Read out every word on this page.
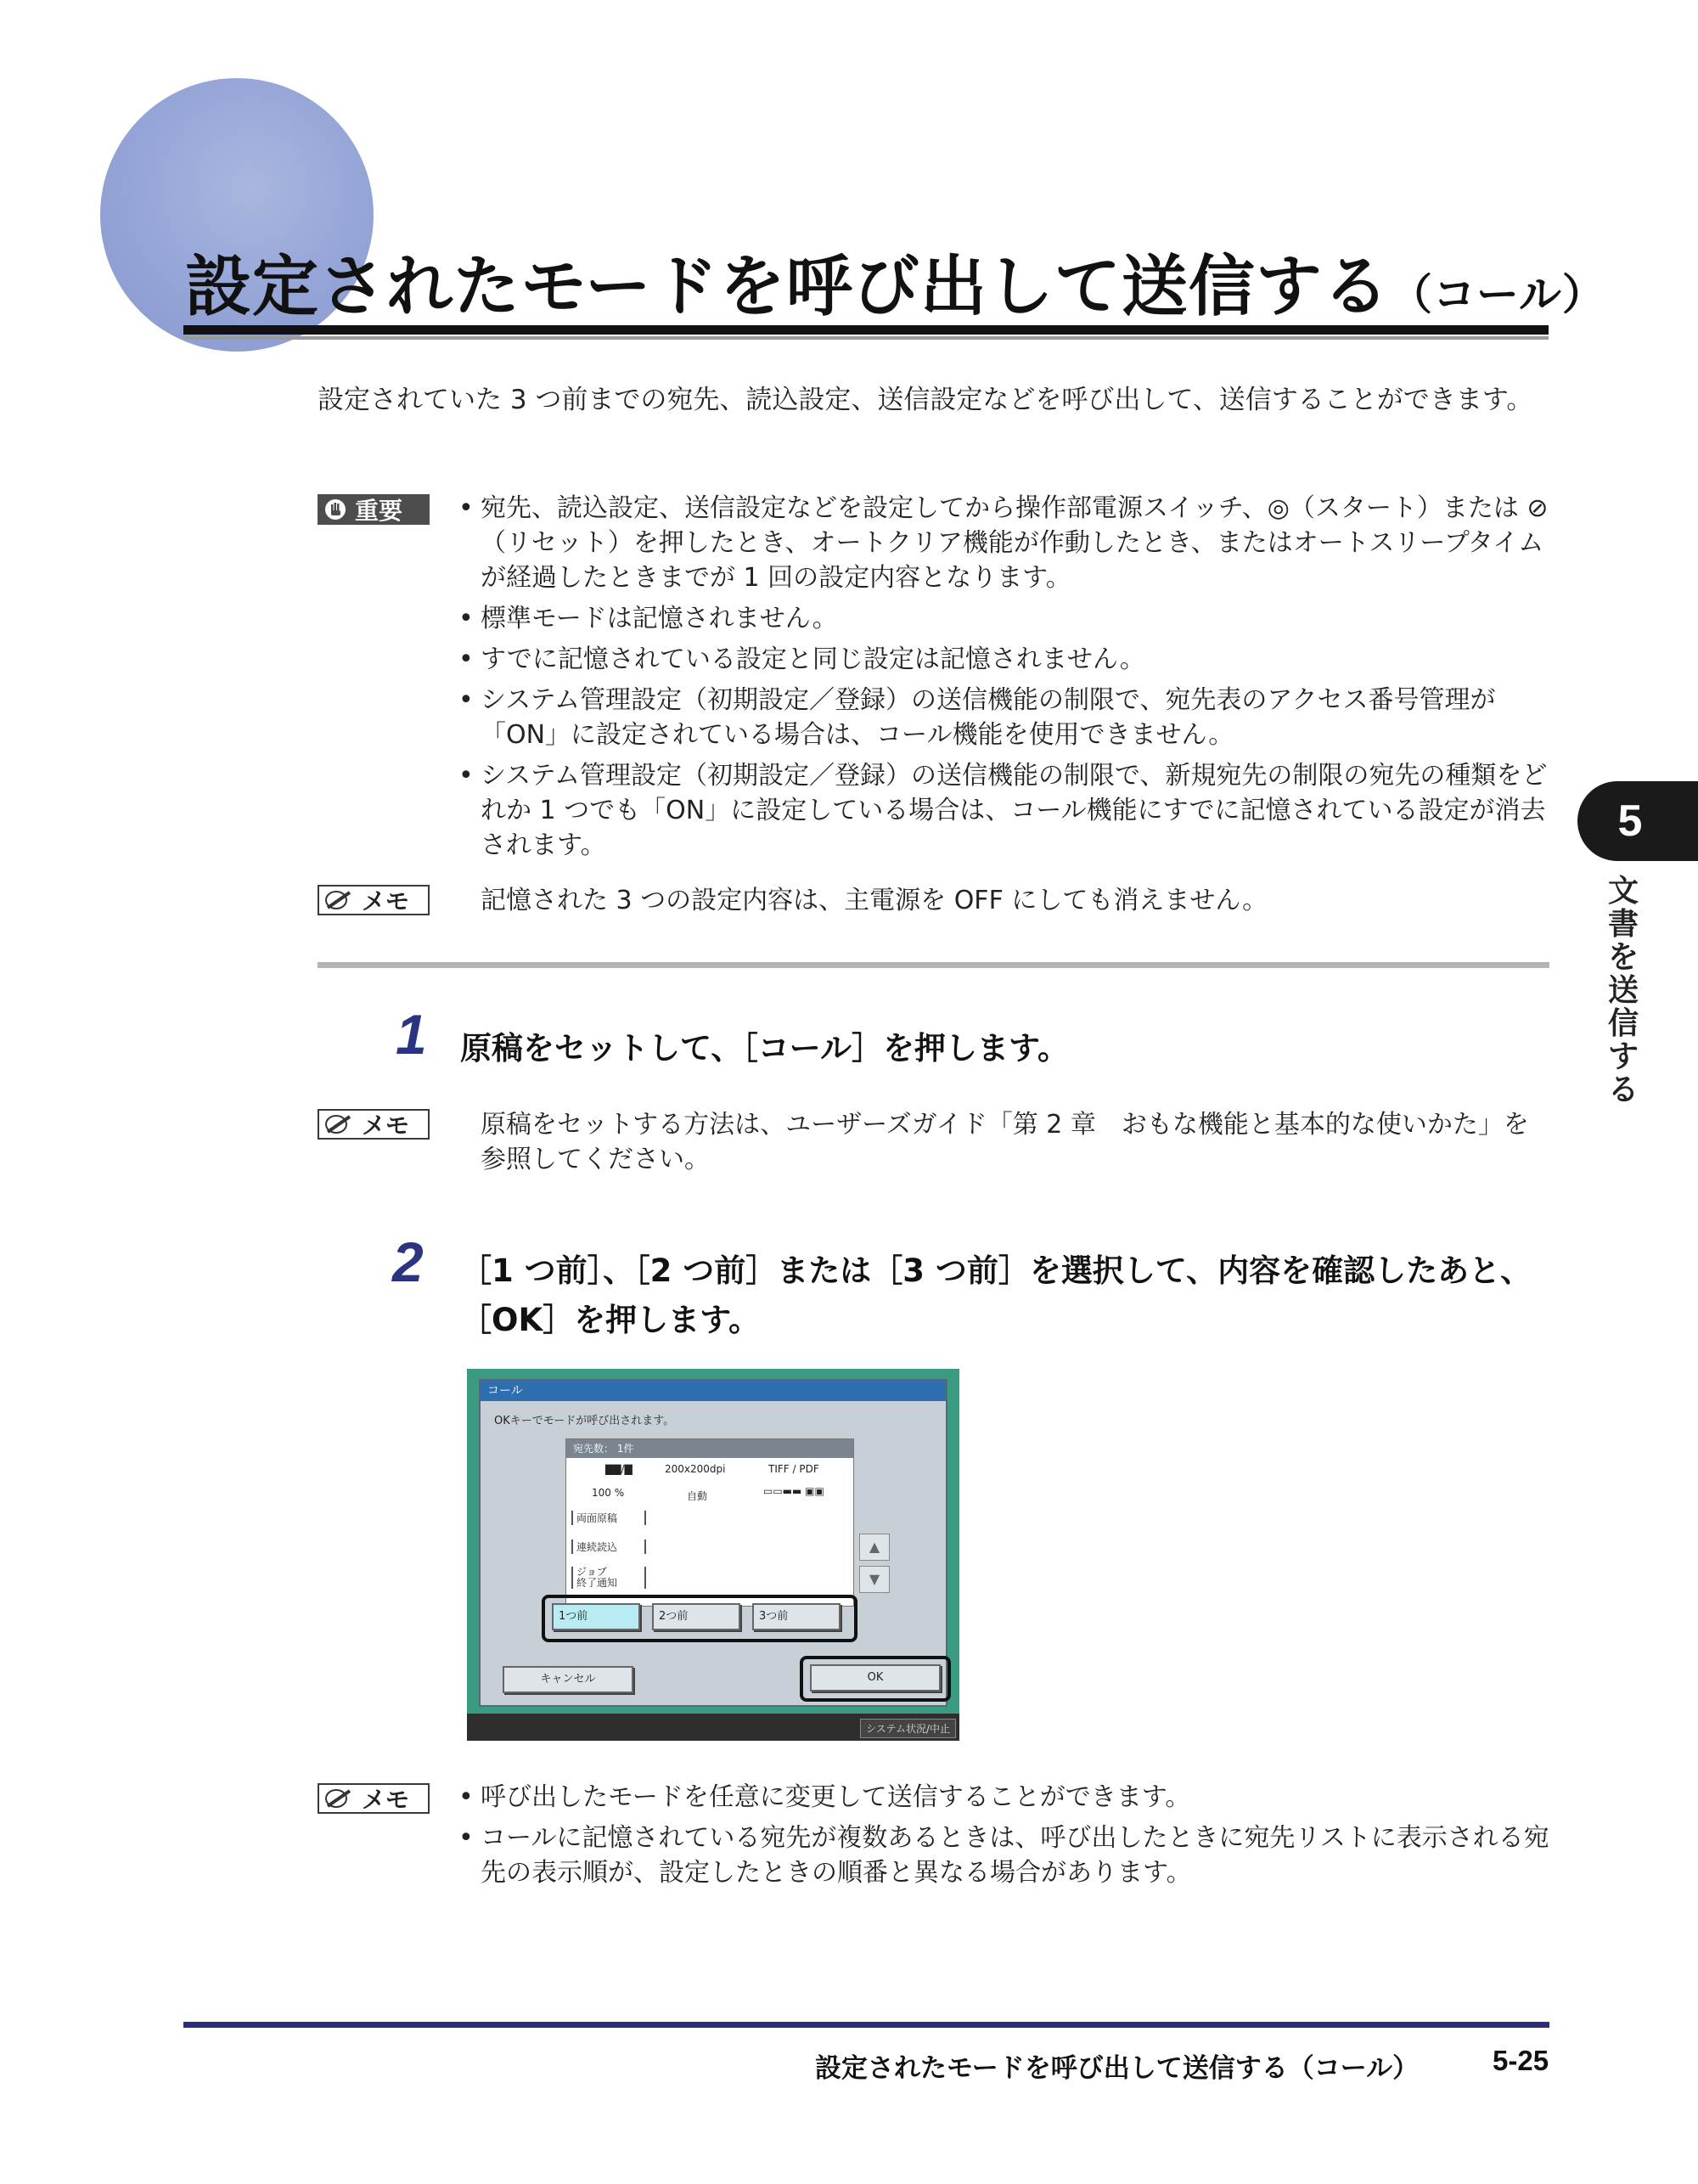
設定されたモードを呼び出して送信する（コール）
設定されていた 3 つ前までの宛先、読込設定、送信設定などを呼び出して、送信することができます。
重要	• 宛先、読込設定、送信設定などを設定してから操作部電源スイッチ、◎（スタート）または ⊘（リセット）を押したとき、オートクリア機能が作動したとき、またはオートスリープタイムが経過したときまでが 1 回の設定内容となります。
• 標準モードは記憶されません。
• すでに記憶されている設定と同じ設定は記憶されません。
• システム管理設定（初期設定／登録）の送信機能の制限で、宛先表のアクセス番号管理が「ON」に設定されている場合は、コール機能を使用できません。
• システム管理設定（初期設定／登録）の送信機能の制限で、新規宛先の制限の宛先の種類をどれか 1 つでも「ON」に設定している場合は、コール機能にすでに記憶されている設定が消去されます。
メモ	記憶された 3 つの設定内容は、主電源を OFF にしても消えません。
1 原稿をセットして、［コール］を押します。
メモ	原稿をセットする方法は、ユーザーズガイド「第 2 章　おもな機能と基本的な使いかた」を参照してください。
2 ［1 つ前］、［2 つ前］または［3 つ前］を選択して、内容を確認したあと、
［OK］を押します。
コール
OKキーでモードが呼び出されます。
宛先数： 1件
▇▇/▇	200x200dpi	TIFF / PDF
100 %	自動	▭▭▬▬ ▣▣
両面原稿
連続読込
ジョブ
終了通知
▲
▼
1つ前	2つ前	3つ前
キャンセル	OK
システム状況/中止
メモ	• 呼び出したモードを任意に変更して送信することができます。
• コールに記憶されている宛先が複数あるときは、呼び出したときに宛先リストに表示される宛先の表示順が、設定したときの順番と異なる場合があります。
5
文書を送信する
設定されたモードを呼び出して送信する（コール）	5-25
